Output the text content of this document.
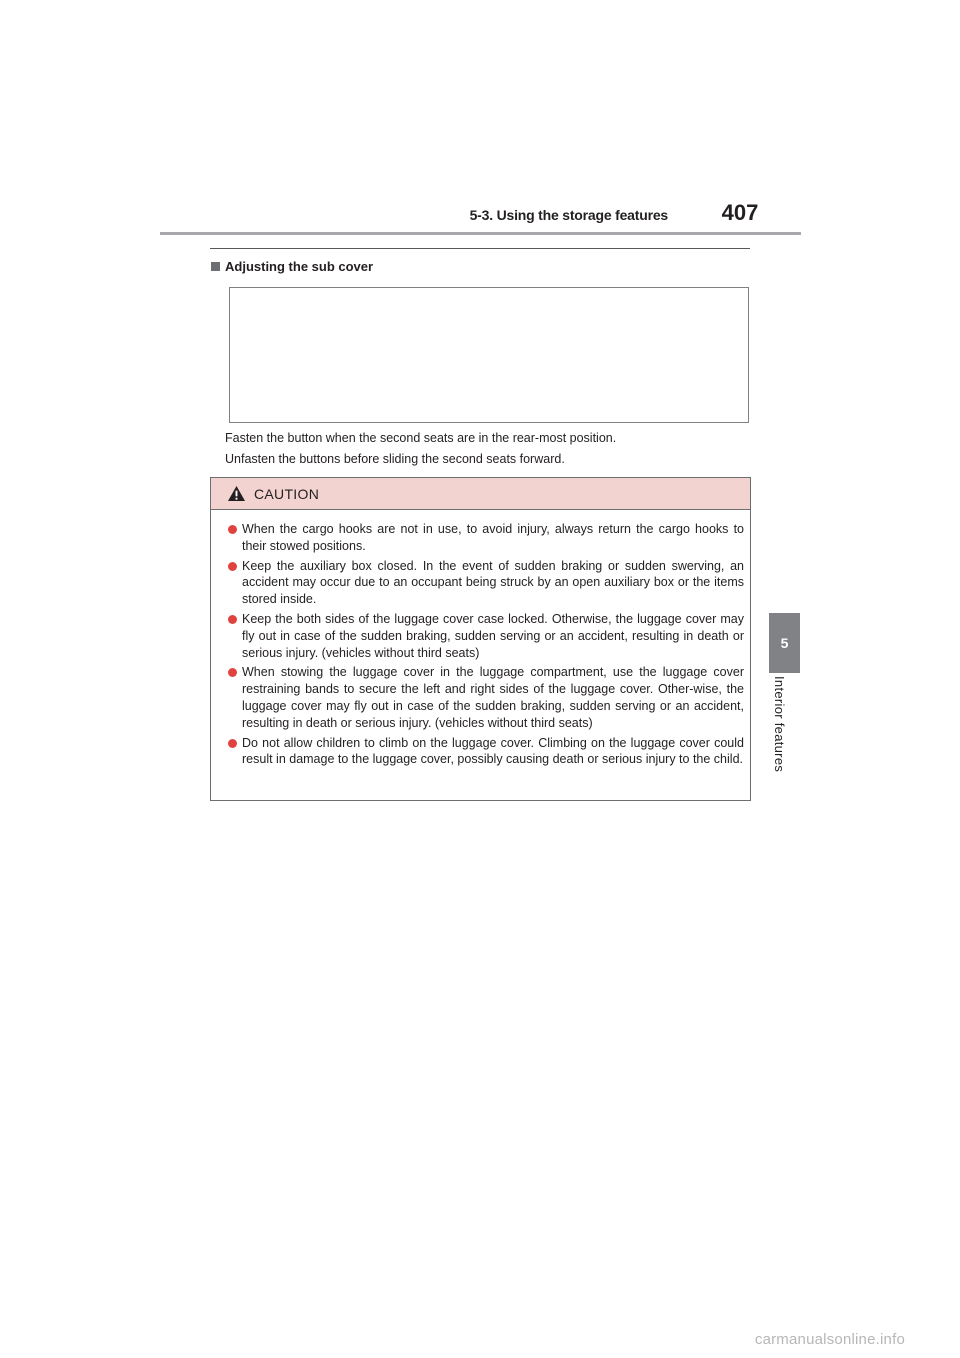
5-3. Using the storage features 407
5
Interior features
Adjusting the sub cover
Fasten the button when the second seats are in the rear-most position.
Unfasten the buttons before sliding the second seats forward.
CAUTION
When the cargo hooks are not in use, to avoid injury, always return the cargo hooks to their stowed positions.
Keep the auxiliary box closed. In the event of sudden braking or sudden swerving, an accident may occur due to an occupant being struck by an open auxiliary box or the items stored inside.
Keep the both sides of the luggage cover case locked. Otherwise, the luggage cover may fly out in case of the sudden braking, sudden serving or an accident, resulting in death or serious injury. (vehicles without third seats)
When stowing the luggage cover in the luggage compartment, use the luggage cover restraining bands to secure the left and right sides of the luggage cover. Other-wise, the luggage cover may fly out in case of the sudden braking, sudden serving or an accident, resulting in death or serious injury. (vehicles without third seats)
Do not allow children to climb on the luggage cover. Climbing on the luggage cover could result in damage to the luggage cover, possibly causing death or serious injury to the child.
carmanualsonline.info
